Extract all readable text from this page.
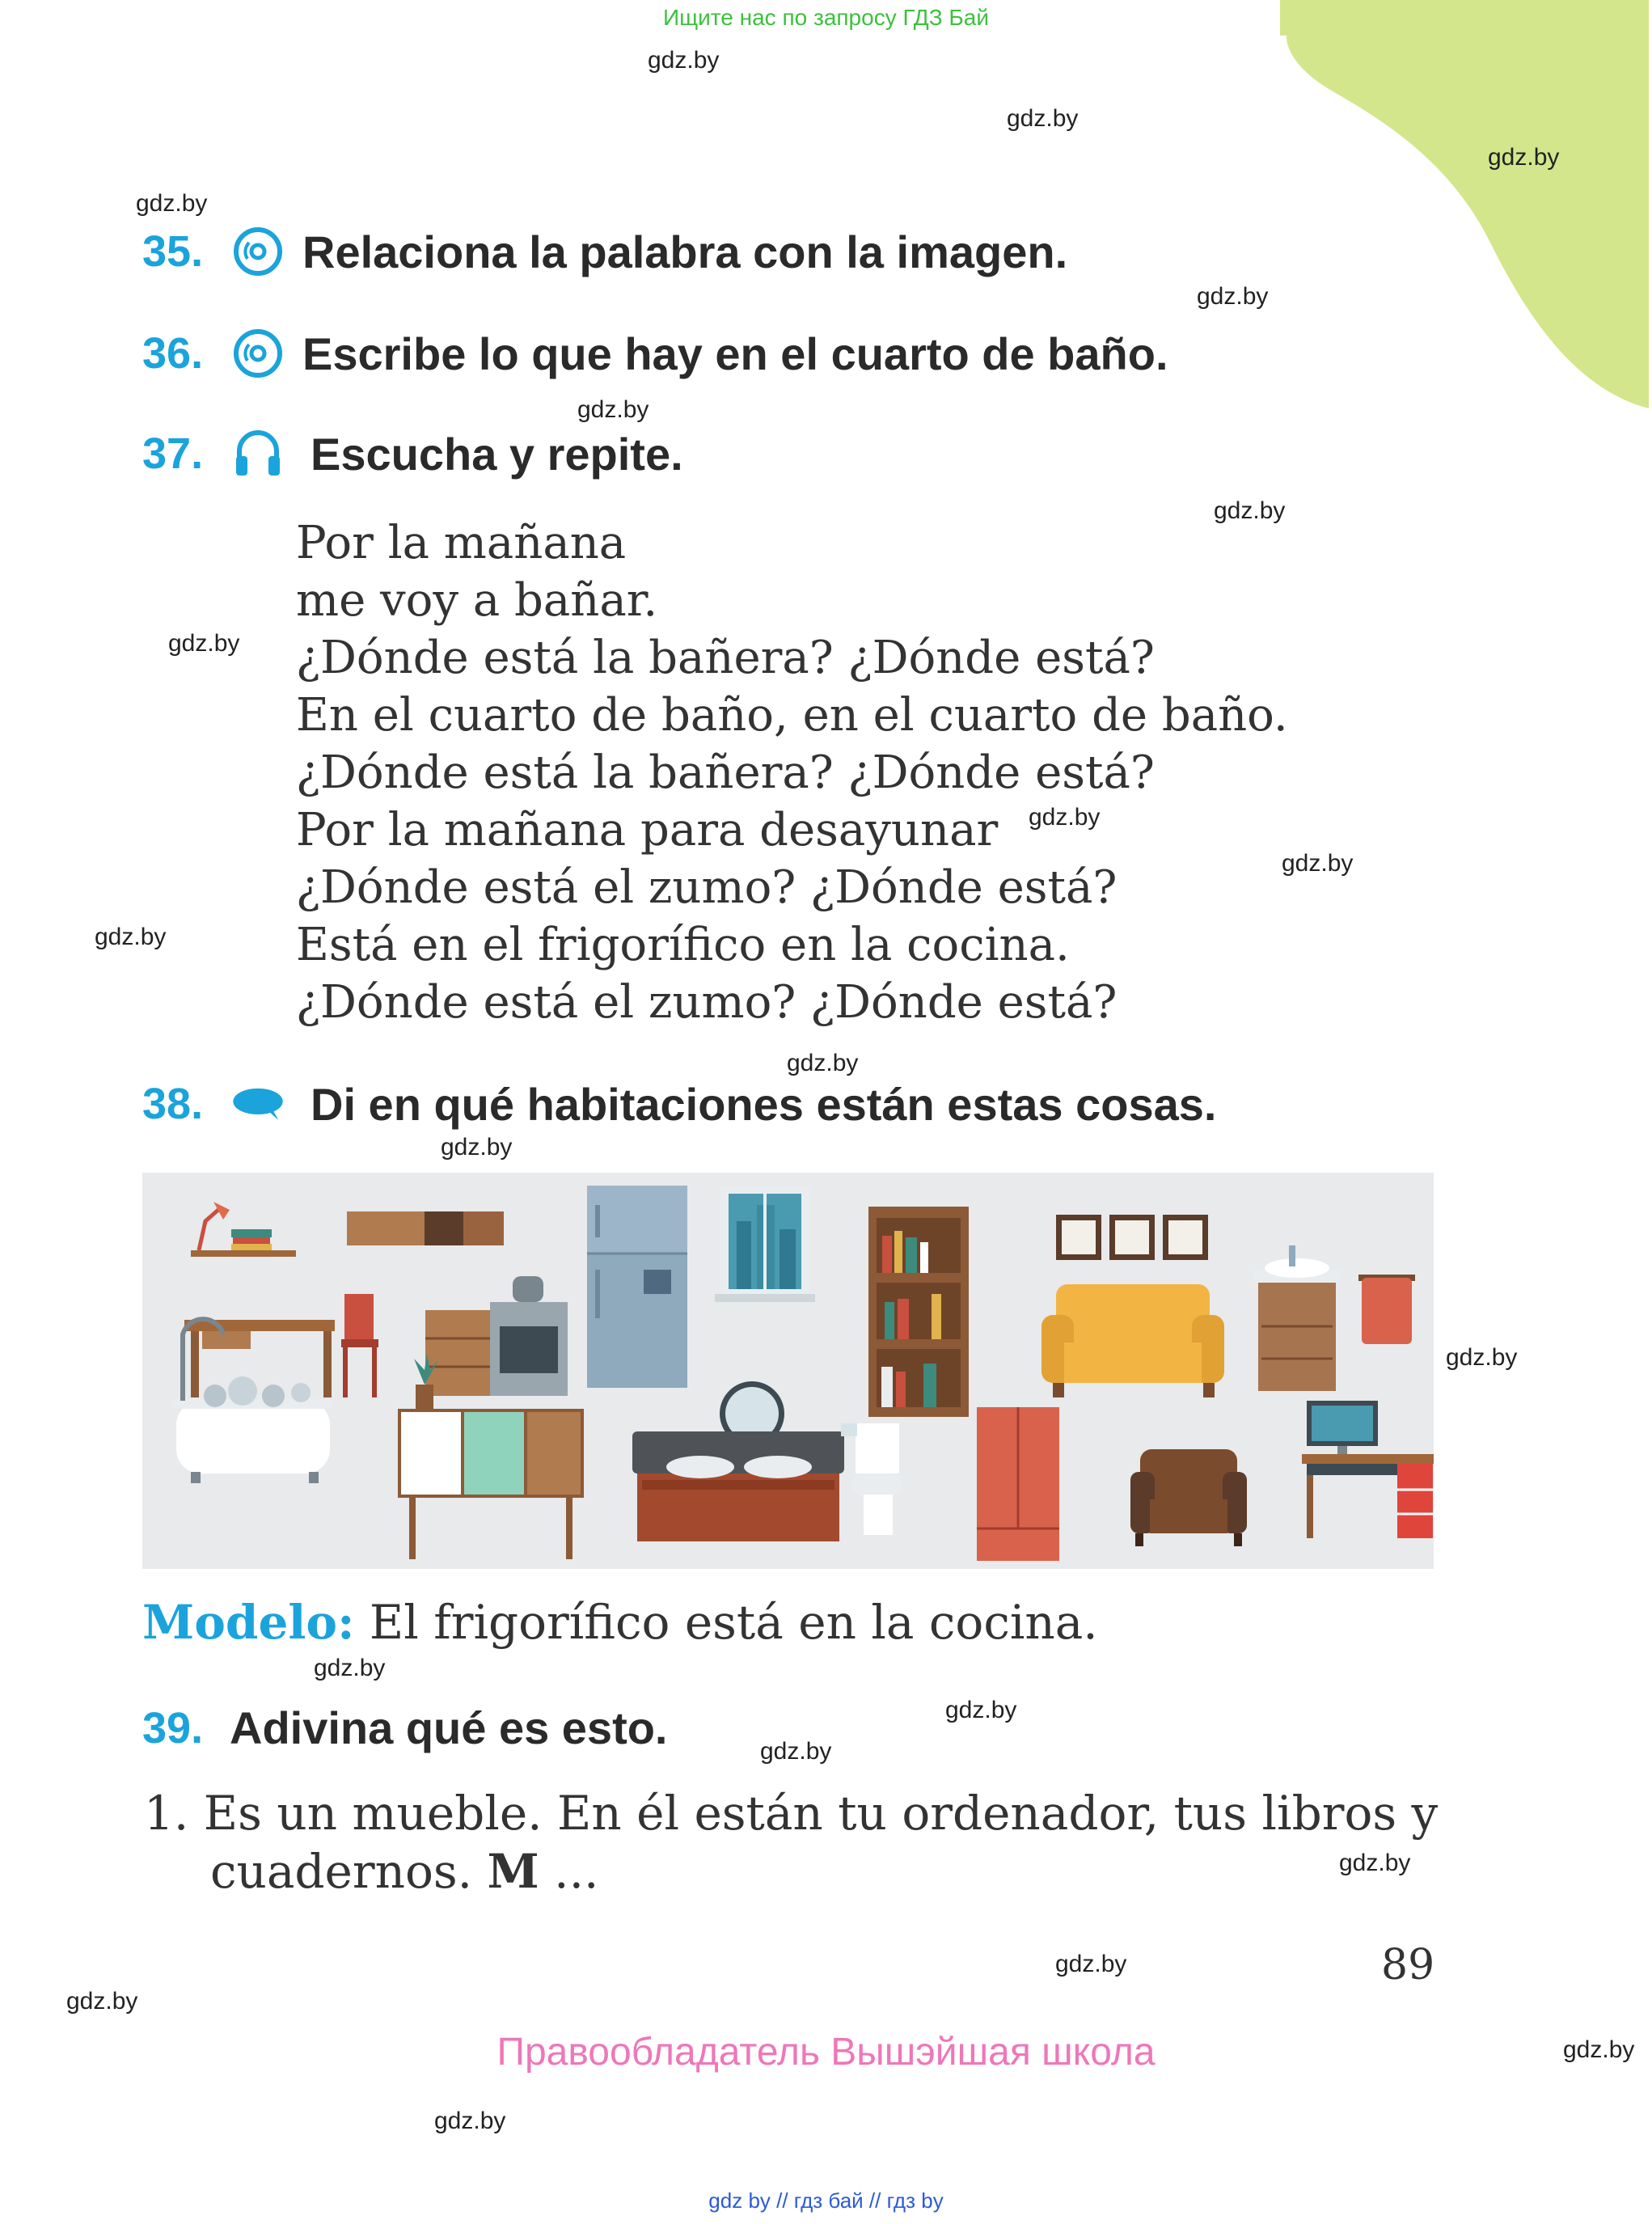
Ищите нас по запросу ГДЗ Бай
gdz.by
gdz.by
gdz.by
gdz.by
gdz.by
gdz.by
gdz.by
gdz.by
gdz.by
gdz.by
gdz.by
gdz.by
gdz.by
gdz.by
gdz.by
gdz.by
gdz.by
gdz.by
gdz.by
gdz.by
gdz.by
gdz.by
35.	Relaciona la palabra con la imagen.
36.	Escribe lo que hay en el cuarto de baño.
37.	Escucha y repite.
Por la mañana
me voy a bañar.
¿Dónde está la bañera? ¿Dónde está?
En el cuarto de baño, en el cuarto de baño.
¿Dónde está la bañera? ¿Dónde está?
Por la mañana para desayunar
¿Dónde está el zumo? ¿Dónde está?
Está en el frigorífico en la cocina.
¿Dónde está el zumo? ¿Dónde está?
38.	Di en qué habitaciones están estas cosas.
Modelo: El frigorífico está en la cocina.
39. Adivina qué es esto.
1. Es un mueble. En él están tu ordenador, tus libros y
cuadernos. M ...
89
Правообладатель Вышэйшая школа
gdz by // гдз бай // гдз by
